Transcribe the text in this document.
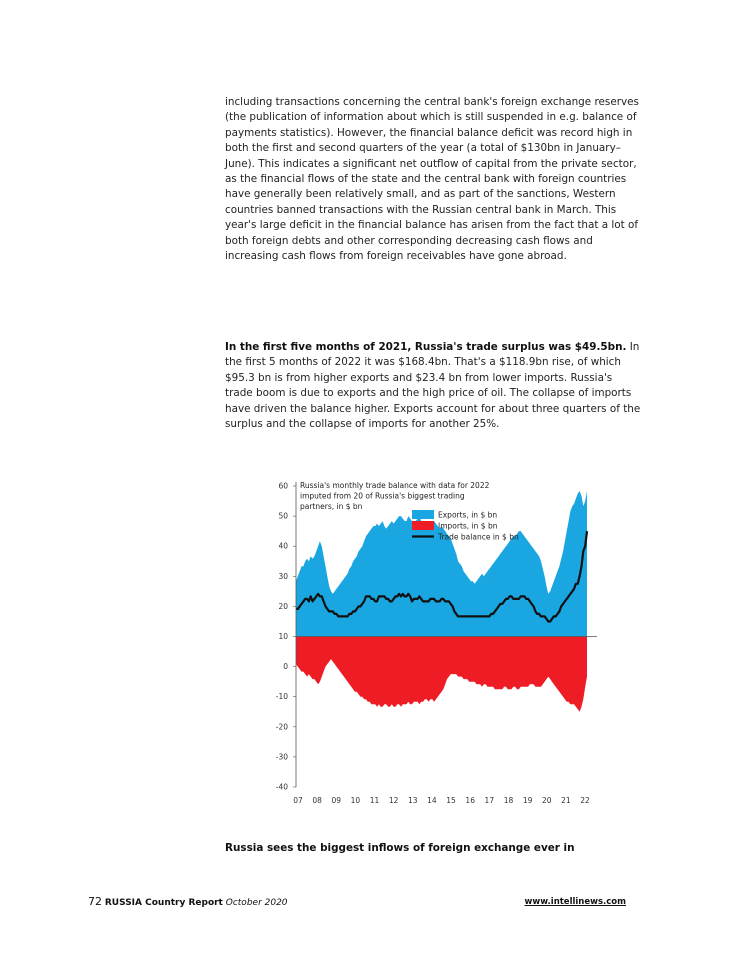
including transactions concerning the central bank's foreign exchange reserves (the publication of information about which is still suspended in e.g. balance of payments statistics). However, the financial balance deficit was record high in both the first and second quarters of the year (a total of $130bn in January–June). This indicates a significant net outflow of capital from the private sector, as the financial flows of the state and the central bank with foreign countries have generally been relatively small, and as part of the sanctions, Western countries banned transactions with the Russian central bank in March. This year's large deficit in the financial balance has arisen from the fact that a lot of both foreign debts and other corresponding decreasing cash flows and increasing cash flows from foreign receivables have gone abroad.

In the first five months of 2021, Russia's trade surplus was $49.5bn. In the first 5 months of 2022 it was $168.4bn. That's a $118.9bn rise, of which $95.3 bn is from higher exports and $23.4 bn from lower imports. Russia's trade boom is due to exports and the high price of oil. The collapse of imports have driven the balance higher. Exports account for about three quarters of the surplus and the collapse of imports for another 25%.

Russia's monthly trade balance with data for 2022
imputed from 20 of Russia's biggest trading
partners, in $ bn
Exports, in $ bn
Imports, in $ bn
Trade balance in $ bn
60
50
40
30
20
10
0
-10
-20
-30
-40
07 08 09 10 11 12 13 14 15 16 17 18 19 20 21 22

Russia sees the biggest inflows of foreign exchange ever in

72 RUSSIA Country Report October 2020	www.intellinews.com
